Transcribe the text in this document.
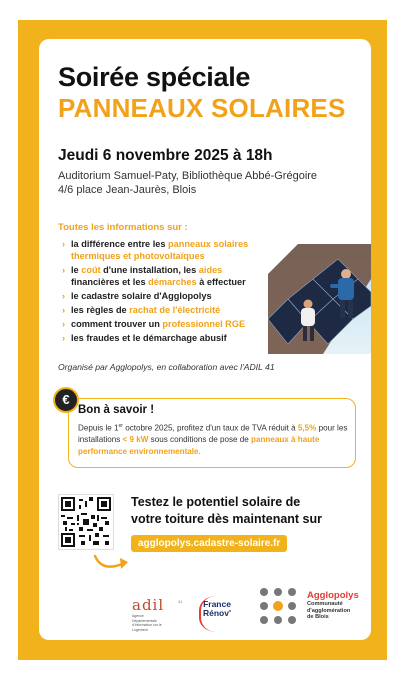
Soirée spéciale
PANNEAUX SOLAIRES
Jeudi 6 novembre 2025 à 18h
Auditorium Samuel-Paty, Bibliothèque Abbé-Grégoire
4/6 place Jean-Jaurès, Blois
Toutes les informations sur :
› la différence entre les panneaux solaires thermiques et photovoltaïques
› le coût d'une installation, les aides financières et les démarches à effectuer
› le cadastre solaire d'Agglopolys
› les règles de rachat de l'électricité
› comment trouver un professionnel RGE
› les fraudes et le démarchage abusif
Organisé par Agglopolys, en collaboration avec l'ADIL 41
€
Bon à savoir !
Depuis le 1er octobre 2025, profitez d'un taux de TVA réduit à 5,5% pour les installations < 9 kW sous conditions de pose de panneaux à haute performance environnementale.
Testez le potentiel solaire de
votre toiture dès maintenant sur
agglopolys.cadastre-solaire.fr
adil
Agence Départementale d'Information sur le Logement
41 France
Rénov'
Agglopolys
Communauté
d'agglomération
de Blois
